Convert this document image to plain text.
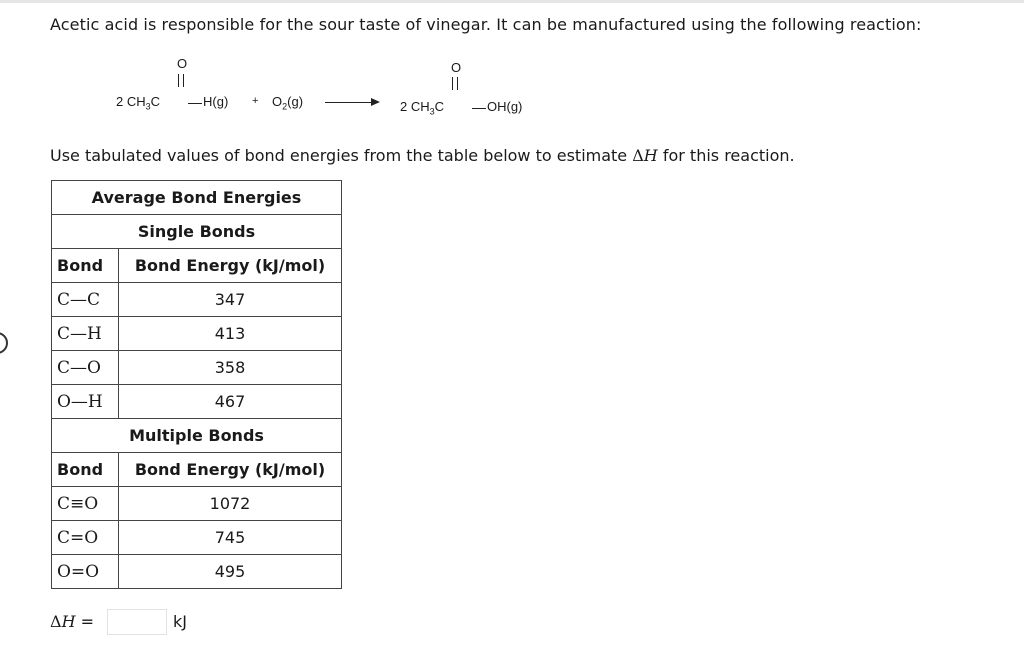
Acetic acid is responsible for the sour taste of vinegar. It can be manufactured using the following reaction:
O
2 $CH_3C$	$H(g) + O_2(g)$
O
2 $CH_3C$	OH(g)
Use tabulated values of bond energies from the table below to estimate ΔH for this reaction.
Average Bond Energies	
Single Bonds	
Bond	Bond Energy (kJ/mol)
C—C	347
C—H	413
C—O	358
O—H	467
Multiple Bonds	
Bond	Bond Energy (kJ/mol)
C≡O	1072
C=O	745
O=O	495
ΔH =	kJ
